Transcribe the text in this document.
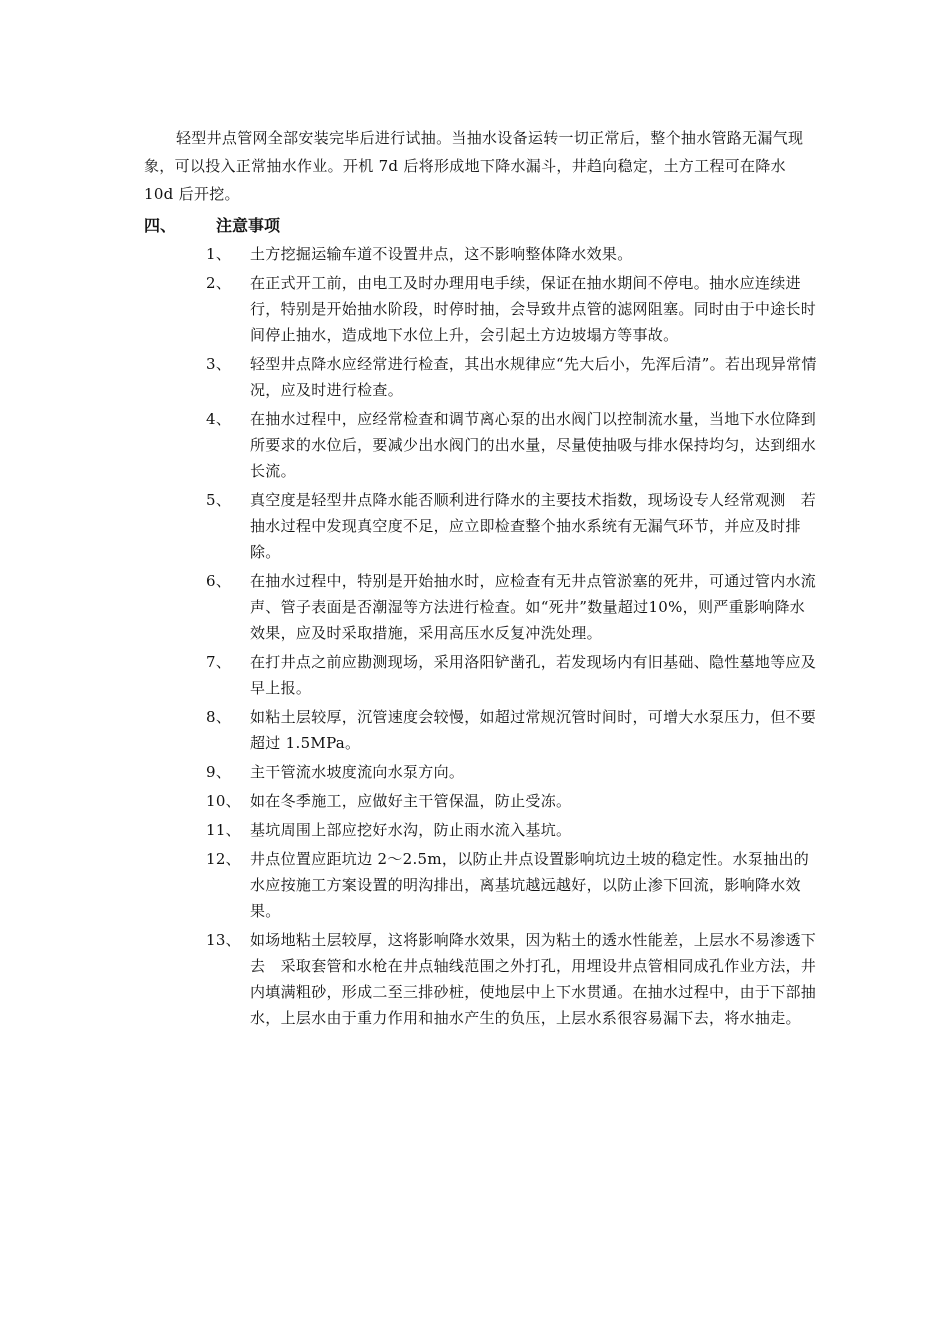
轻型井点管网全部安装完毕后进行试抽。当抽水设备运转一切正常后，整个抽水管路无漏气现象，可以投入正常抽水作业。开机 7d 后将形成地下降水漏斗，井趋向稳定，土方工程可在降水 10d 后开挖。

四、 注意事项
1、	土方挖掘运输车道不设置井点，这不影响整体降水效果。
2、	在正式开工前，由电工及时办理用电手续，保证在抽水期间不停电。抽水应连续进行，特别是开始抽水阶段，时停时抽，会导致井点管的滤网阻塞。同时由于中途长时间停止抽水，造成地下水位上升，会引起土方边坡塌方等事故。
3、	轻型井点降水应经常进行检查，其出水规律应“先大后小，先浑后清”。若出现异常情况，应及时进行检查。
4、	在抽水过程中，应经常检查和调节离心泵的出水阀门以控制流水量，当地下水位降到所要求的水位后，要减少出水阀门的出水量，尽量使抽吸与排水保持均匀，达到细水长流。
5、	真空度是轻型井点降水能否顺利进行降水的主要技术指数，现场设专人经常观测　若抽水过程中发现真空度不足，应立即检查整个抽水系统有无漏气环节，并应及时排除。
6、	在抽水过程中，特别是开始抽水时，应检查有无井点管淤塞的死井，可通过管内水流声、管子表面是否潮湿等方法进行检查。如“死井”数量超过10%，则严重影响降水效果，应及时采取措施，采用高压水反复冲洗处理。
7、	在打井点之前应勘测现场，采用洛阳铲凿孔，若发现场内有旧基础、隐性墓地等应及早上报。
8、	如粘土层较厚，沉管速度会较慢，如超过常规沉管时间时，可增大水泵压力，但不要超过 1.5MPa。
9、	主干管流水坡度流向水泵方向。
10、 如在冬季施工，应做好主干管保温，防止受冻。
11、 基坑周围上部应挖好水沟，防止雨水流入基坑。
12、 井点位置应距坑边 2～2.5m，以防止井点设置影响坑边土坡的稳定性。水泵抽出的水应按施工方案设置的明沟排出，离基坑越远越好，以防止渗下回流，影响降水效果。
13、 如场地粘土层较厚，这将影响降水效果，因为粘土的透水性能差，上层水不易渗透下去　采取套管和水枪在井点轴线范围之外打孔，用埋设井点管相同成孔作业方法，井内填满粗砂，形成二至三排砂桩，使地层中上下水贯通。在抽水过程中，由于下部抽水，上层水由于重力作用和抽水产生的负压，上层水系很容易漏下去，将水抽走。
